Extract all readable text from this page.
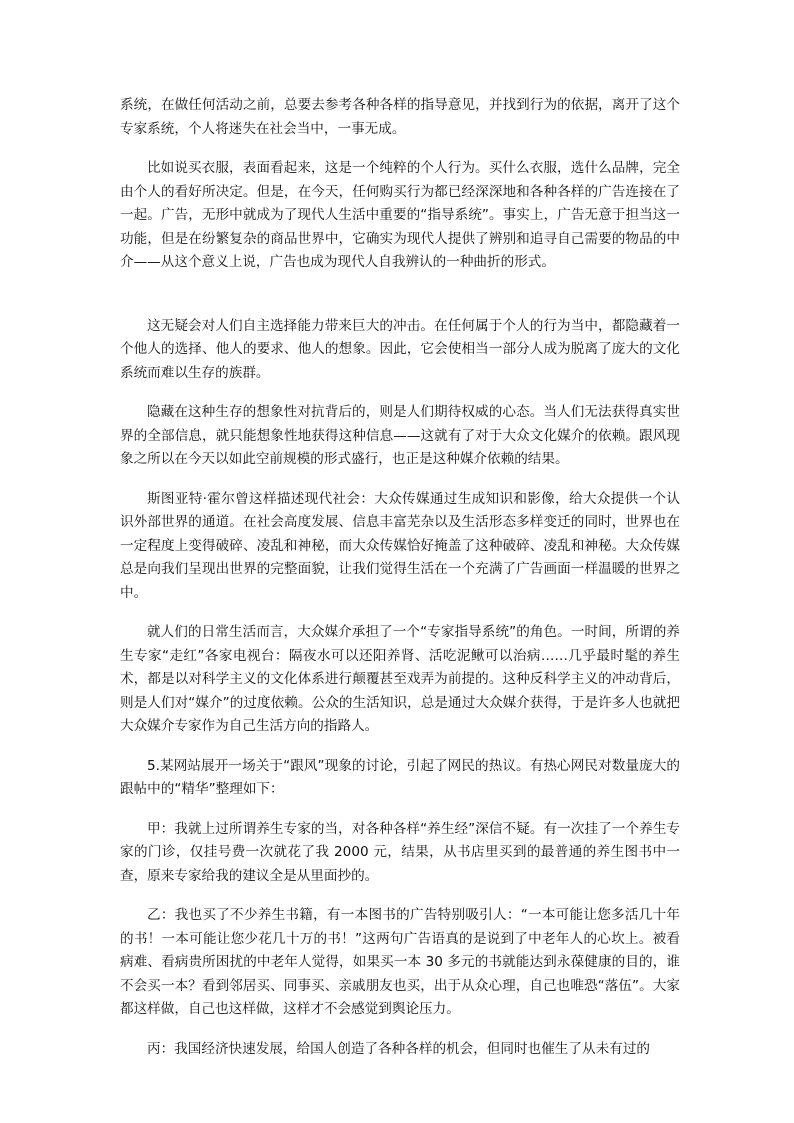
系统，在做任何活动之前，总要去参考各种各样的指导意见，并找到行为的依据，离开了这个专家系统，个人将迷失在社会当中，一事无成。

比如说买衣服，表面看起来，这是一个纯粹的个人行为。买什么衣服，选什么品牌，完全由个人的看好所决定。但是，在今天，任何购买行为都已经深深地和各种各样的广告连接在了一起。广告，无形中就成为了现代人生活中重要的“指导系统”。事实上，广告无意于担当这一功能，但是在纷繁复杂的商品世界中，它确实为现代人提供了辨别和追寻自己需要的物品的中介——从这个意义上说，广告也成为现代人自我辨认的一种曲折的形式。

这无疑会对人们自主选择能力带来巨大的冲击。在任何属于个人的行为当中，都隐藏着一个他人的选择、他人的要求、他人的想象。因此，它会使相当一部分人成为脱离了庞大的文化系统而难以生存的族群。

隐藏在这种生存的想象性对抗背后的，则是人们期待权威的心态。当人们无法获得真实世界的全部信息，就只能想象性地获得这种信息——这就有了对于大众文化媒介的依赖。跟风现象之所以在今天以如此空前规模的形式盛行，也正是这种媒介依赖的结果。

斯图亚特·霍尔曾这样描述现代社会：大众传媒通过生成知识和影像，给大众提供一个认识外部世界的通道。在社会高度发展、信息丰富芜杂以及生活形态多样变迁的同时，世界也在一定程度上变得破碎、凌乱和神秘，而大众传媒恰好掩盖了这种破碎、凌乱和神秘。大众传媒总是向我们呈现出世界的完整面貌，让我们觉得生活在一个充满了广告画面一样温暖的世界之中。

就人们的日常生活而言，大众媒介承担了一个“专家指导系统”的角色。一时间，所谓的养生专家“走红”各家电视台：隔夜水可以还阳养肾、活吃泥鳅可以治病……几乎最时髦的养生术，都是以对科学主义的文化体系进行颠覆甚至戏弄为前提的。这种反科学主义的冲动背后，则是人们对“媒介”的过度依赖。公众的生活知识，总是通过大众媒介获得，于是许多人也就把大众媒介专家作为自己生活方向的指路人。

5.某网站展开一场关于“跟风”现象的讨论，引起了网民的热议。有热心网民对数量庞大的跟帖中的“精华”整理如下：

甲：我就上过所谓养生专家的当，对各种各样“养生经”深信不疑。有一次挂了一个养生专家的门诊，仅挂号费一次就花了我 2000 元，结果，从书店里买到的最普通的养生图书中一查，原来专家给我的建议全是从里面抄的。

乙：我也买了不少养生书籍，有一本图书的广告特别吸引人：“一本可能让您多活几十年的书！一本可能让您少花几十万的书！”这两句广告语真的是说到了中老年人的心坎上。被看病难、看病贵所困扰的中老年人觉得，如果买一本 30 多元的书就能达到永葆健康的目的，谁不会买一本？看到邻居买、同事买、亲戚朋友也买，出于从众心理，自己也唯恐“落伍”。大家都这样做，自己也这样做，这样才不会感觉到舆论压力。

丙：我国经济快速发展，给国人创造了各种各样的机会，但同时也催生了从未有过的
